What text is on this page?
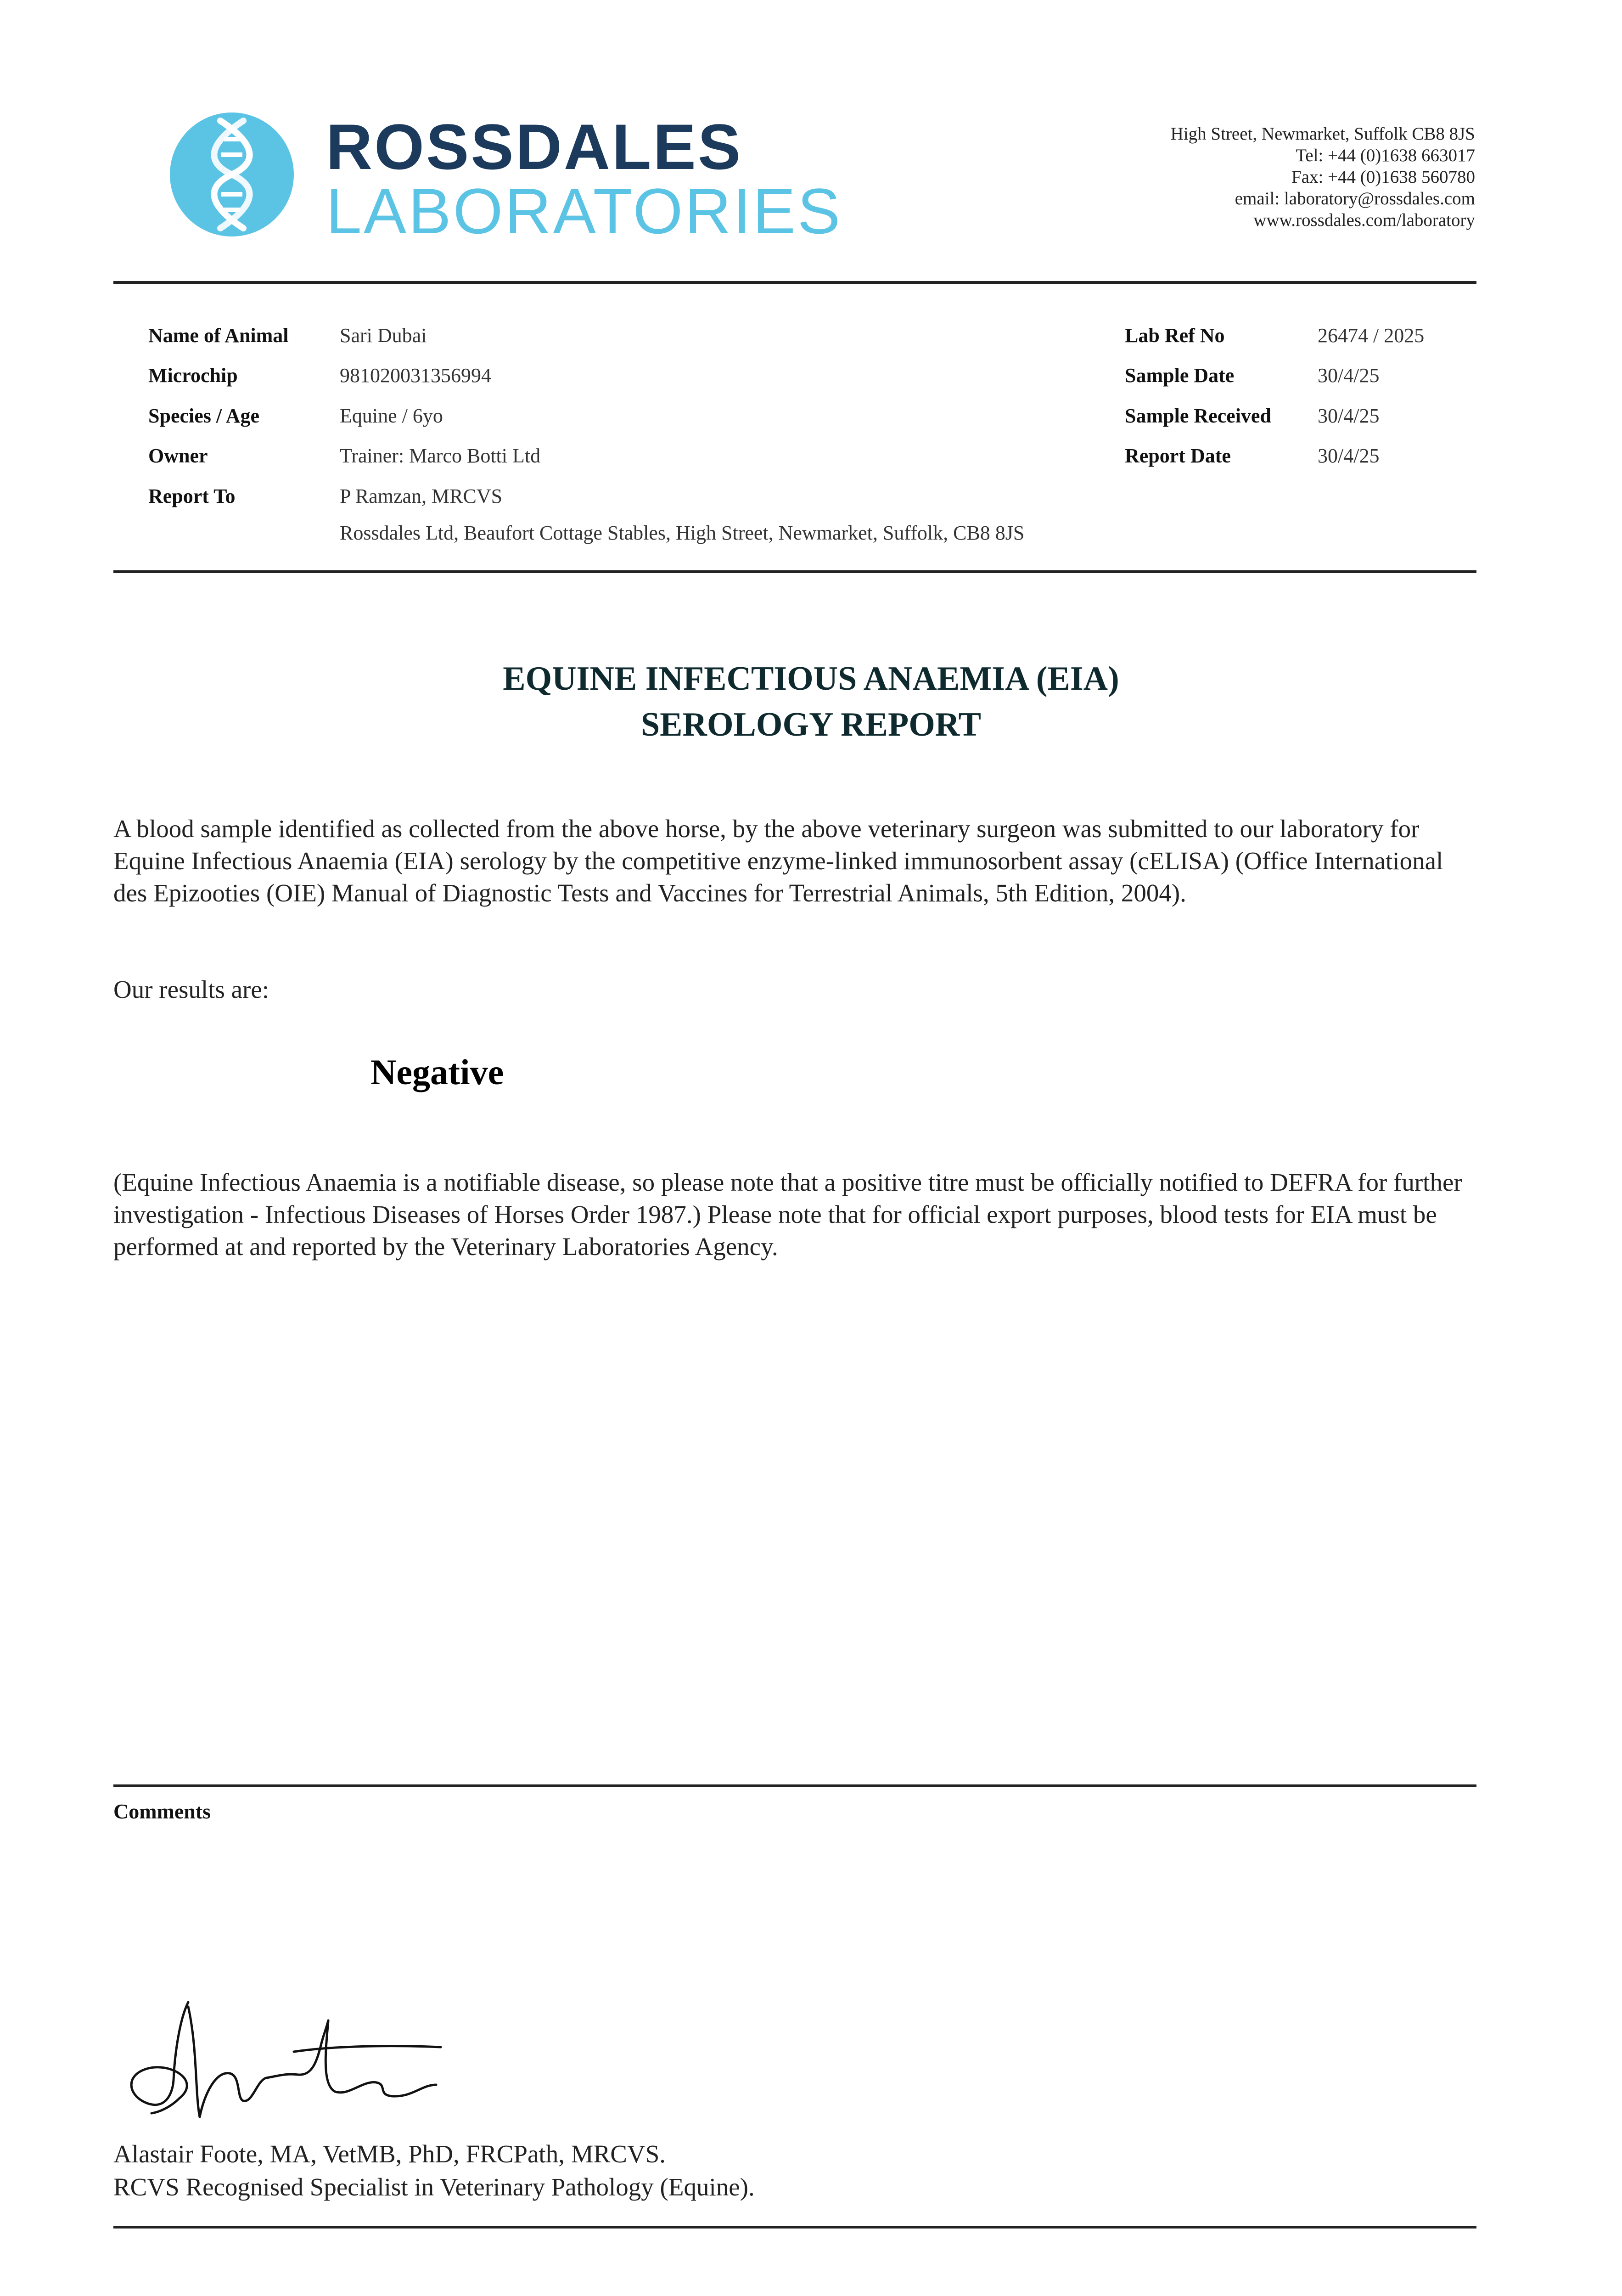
ROSSDALES
LABORATORIES
High Street, Newmarket, Suffolk CB8 8JS
Tel: +44 (0)1638 663017
Fax: +44 (0)1638 560780
email: laboratory@rossdales.com
www.rossdales.com/laboratory
Name of Animal	Sari Dubai
Microchip	981020031356994
Species / Age	Equine / 6yo
Owner	Trainer: Marco Botti Ltd
Report To	P Ramzan, MRCVS
Rossdales Ltd, Beaufort Cottage Stables, High Street, Newmarket, Suffolk, CB8 8JS
Lab Ref No	26474 / 2025
Sample Date	30/4/25
Sample Received 30/4/25
Report Date	30/4/25
EQUINE INFECTIOUS ANAEMIA (EIA)
SEROLOGY REPORT
A blood sample identified as collected from the above horse, by the above veterinary surgeon was submitted to our laboratory for Equine Infectious Anaemia (EIA) serology by the competitive enzyme-linked immunosorbent assay (cELISA) (Office International des Epizooties (OIE) Manual of Diagnostic Tests and Vaccines for Terrestrial Animals, 5th Edition, 2004).
Our results are:
Negative
(Equine Infectious Anaemia is a notifiable disease, so please note that a positive titre must be officially notified to DEFRA for further investigation - Infectious Diseases of Horses Order 1987.) Please note that for official export purposes, blood tests for EIA must be performed at and reported by the Veterinary Laboratories Agency.
Comments
Alastair Foote, MA, VetMB, PhD, FRCPath, MRCVS.
RCVS Recognised Specialist in Veterinary Pathology (Equine).
